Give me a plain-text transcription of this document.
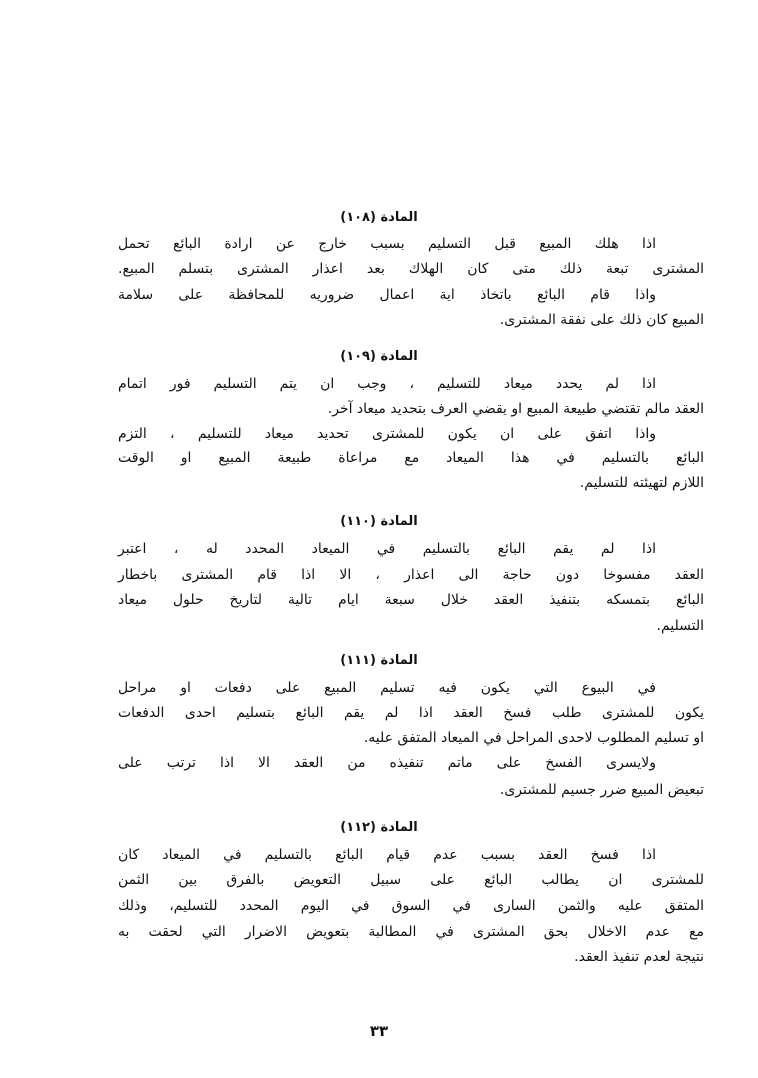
المادة (١٠٨)
اذا هلك المبيع قبل التسليم بسبب خارج عن ارادة البائع تحمل
المشترى تبعة ذلك متى كان الهلاك بعد اعذار المشترى بتسلم المبيع.
واذا قام البائع باتخاذ اية اعمال ضروريه للمحافظة على سلامة
المبيع كان ذلك على نفقة المشترى.
المادة (١٠٩)
اذا لم يحدد ميعاد للتسليم ، وجب ان يتم التسليم فور اتمام
العقد مالم تقتضي طبيعة المبيع او يقضي العرف بتحديد ميعاد آخر.
واذا اتفق على ان يكون للمشترى تحديد ميعاد للتسليم ، التزم
البائع بالتسليم في هذا الميعاد مع مراعاة طبيعة المبيع او الوقت
اللازم لتهيئته للتسليم.
المادة (١١٠)
اذا لم يقم البائع بالتسليم في الميعاد المحدد له ، اعتبر
العقد مفسوخا دون حاجة الى اعذار ، الا اذا قام المشترى باخطار
البائع بتمسكه بتنفيذ العقد خلال سبعة ايام تالية لتاريخ حلول ميعاد
التسليم.
المادة (١١١)
في البيوع التي يكون فيه تسليم المبيع على دفعات او مراحل
يكون للمشترى طلب فسخ العقد اذا لم يقم البائع بتسليم احدى الدفعات
او تسليم المطلوب لاحدى المراحل في الميعاد المتفق عليه.
ولايسرى الفسخ على ماتم تنفيذه من العقد الا اذا ترتب على
تبعيض المبيع ضرر جسيم للمشترى.
المادة (١١٢)
اذا فسخ العقد بسبب عدم قيام البائع بالتسليم في الميعاد كان
للمشترى ان يطالب البائع على سبيل التعويض بالفرق بين الثمن
المتفق عليه والثمن السارى في السوق في اليوم المحدد للتسليم، وذلك
مع عدم الاخلال بحق المشترى في المطالبة بتعويض الاضرار التي لحقت به
نتيجة لعدم تنفيذ العقد.
٣٣
